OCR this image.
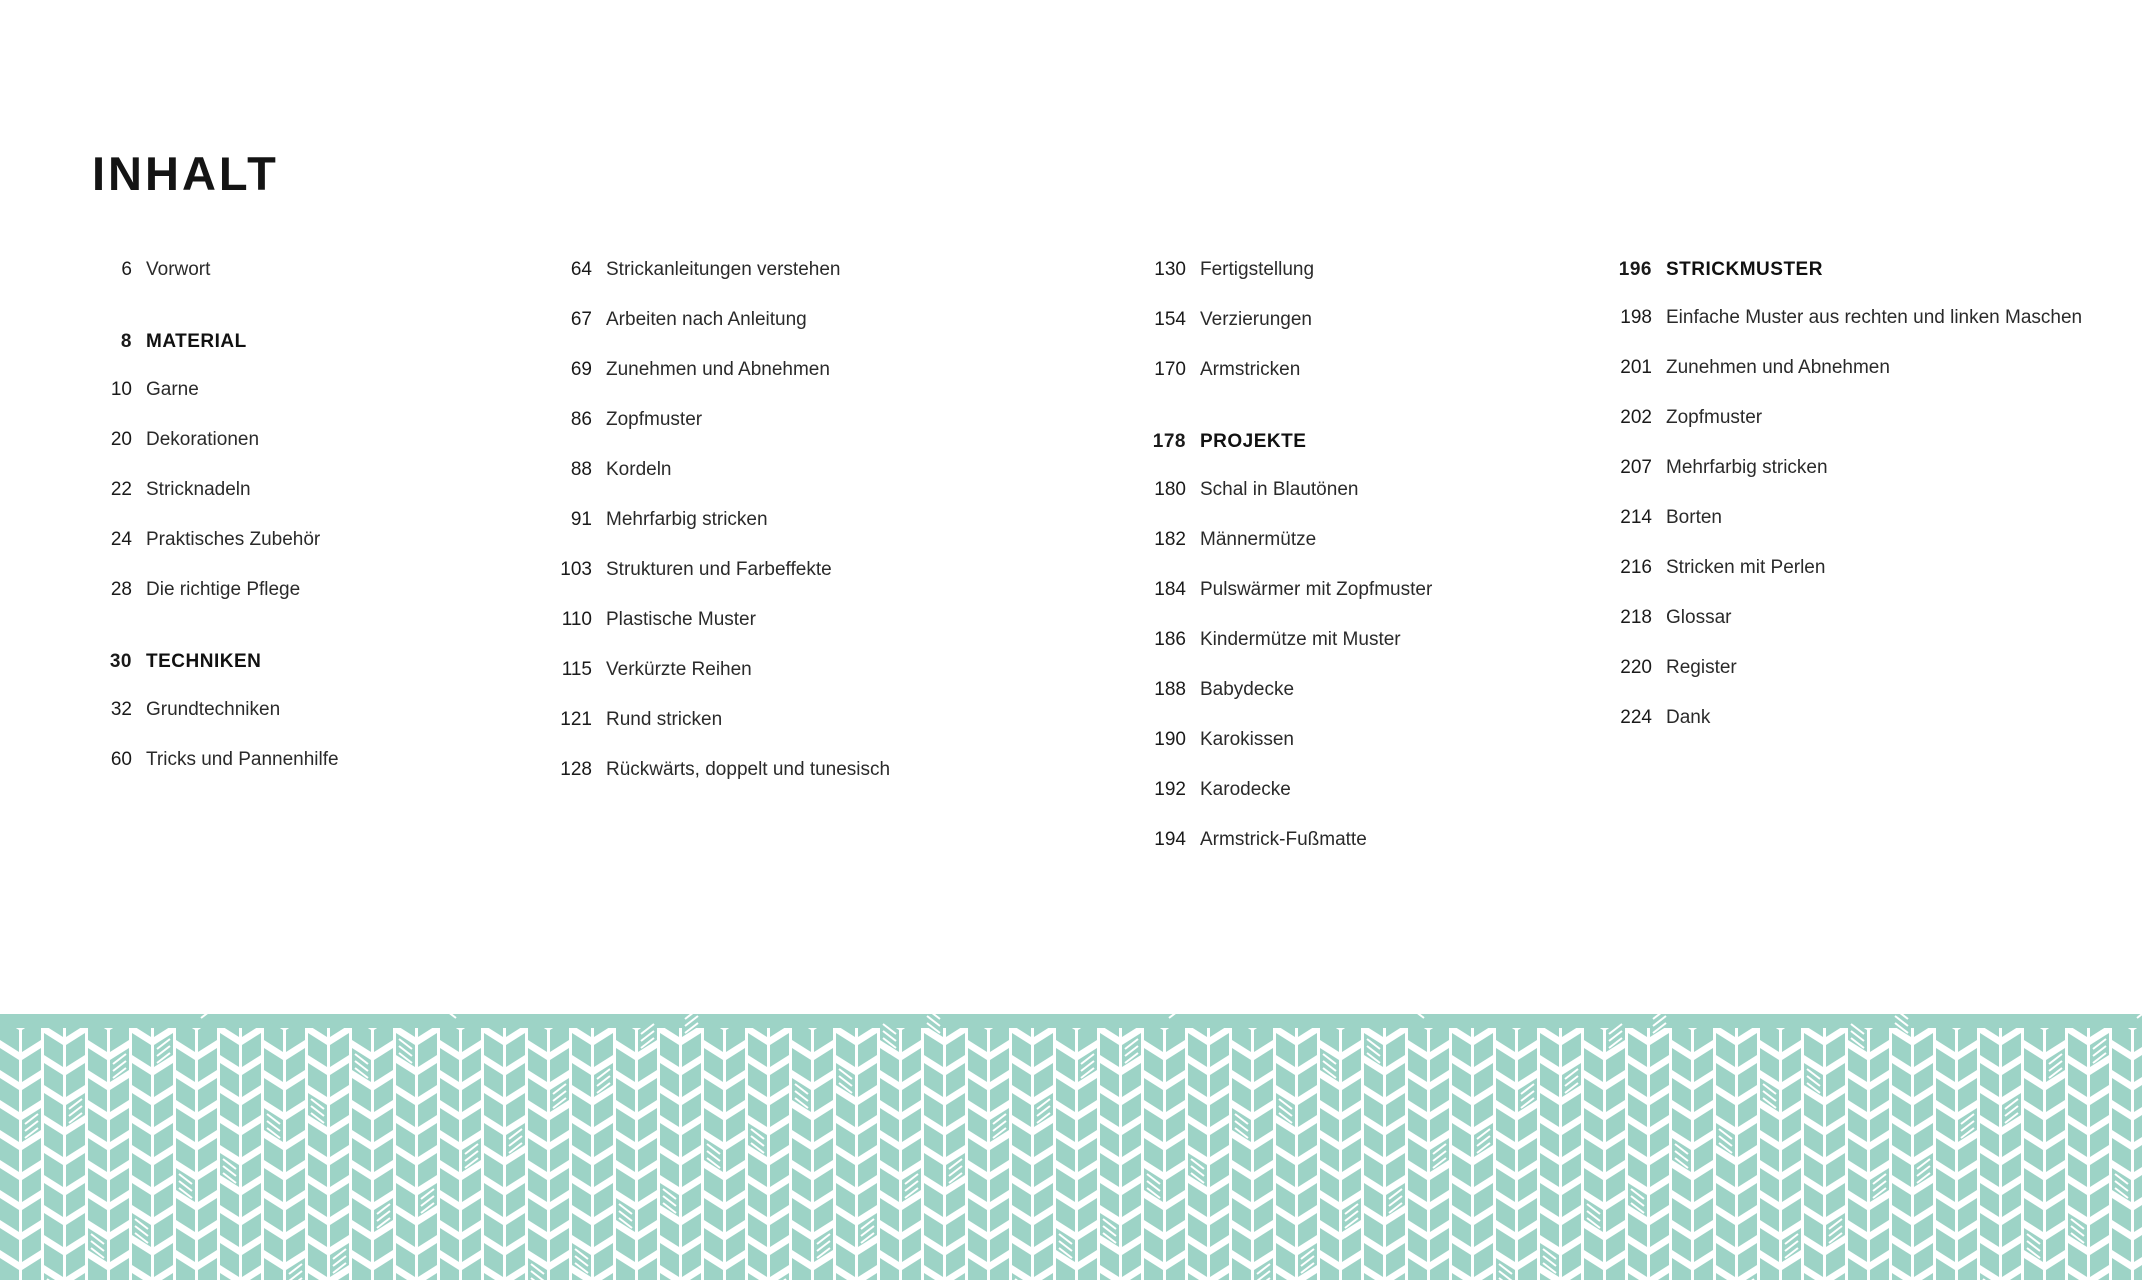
INHALT
6 Vorwort
8 MATERIAL
10 Garne
20 Dekorationen
22 Stricknadeln
24 Praktisches Zubehör
28 Die richtige Pflege
30 TECHNIKEN
32 Grundtechniken
60 Tricks und Pannenhilfe
64 Strickanleitungen verstehen
67 Arbeiten nach Anleitung
69 Zunehmen und Abnehmen
86 Zopfmuster
88 Kordeln
91 Mehrfarbig stricken
103 Strukturen und Farbeffekte
110 Plastische Muster
115 Verkürzte Reihen
121 Rund stricken
128 Rückwärts, doppelt und tunesisch
130 Fertigstellung
154 Verzierungen
170 Armstricken
178 PROJEKTE
180 Schal in Blautönen
182 Männermütze
184 Pulswärmer mit Zopfmuster
186 Kindermütze mit Muster
188 Babydecke
190 Karokissen
192 Karodecke
194 Armstrick-Fußmatte
196 STRICKMUSTER
198 Einfache Muster aus rechten und linken Maschen
201 Zunehmen und Abnehmen
202 Zopfmuster
207 Mehrfarbig stricken
214 Borten
216 Stricken mit Perlen
218 Glossar
220 Register
224 Dank
